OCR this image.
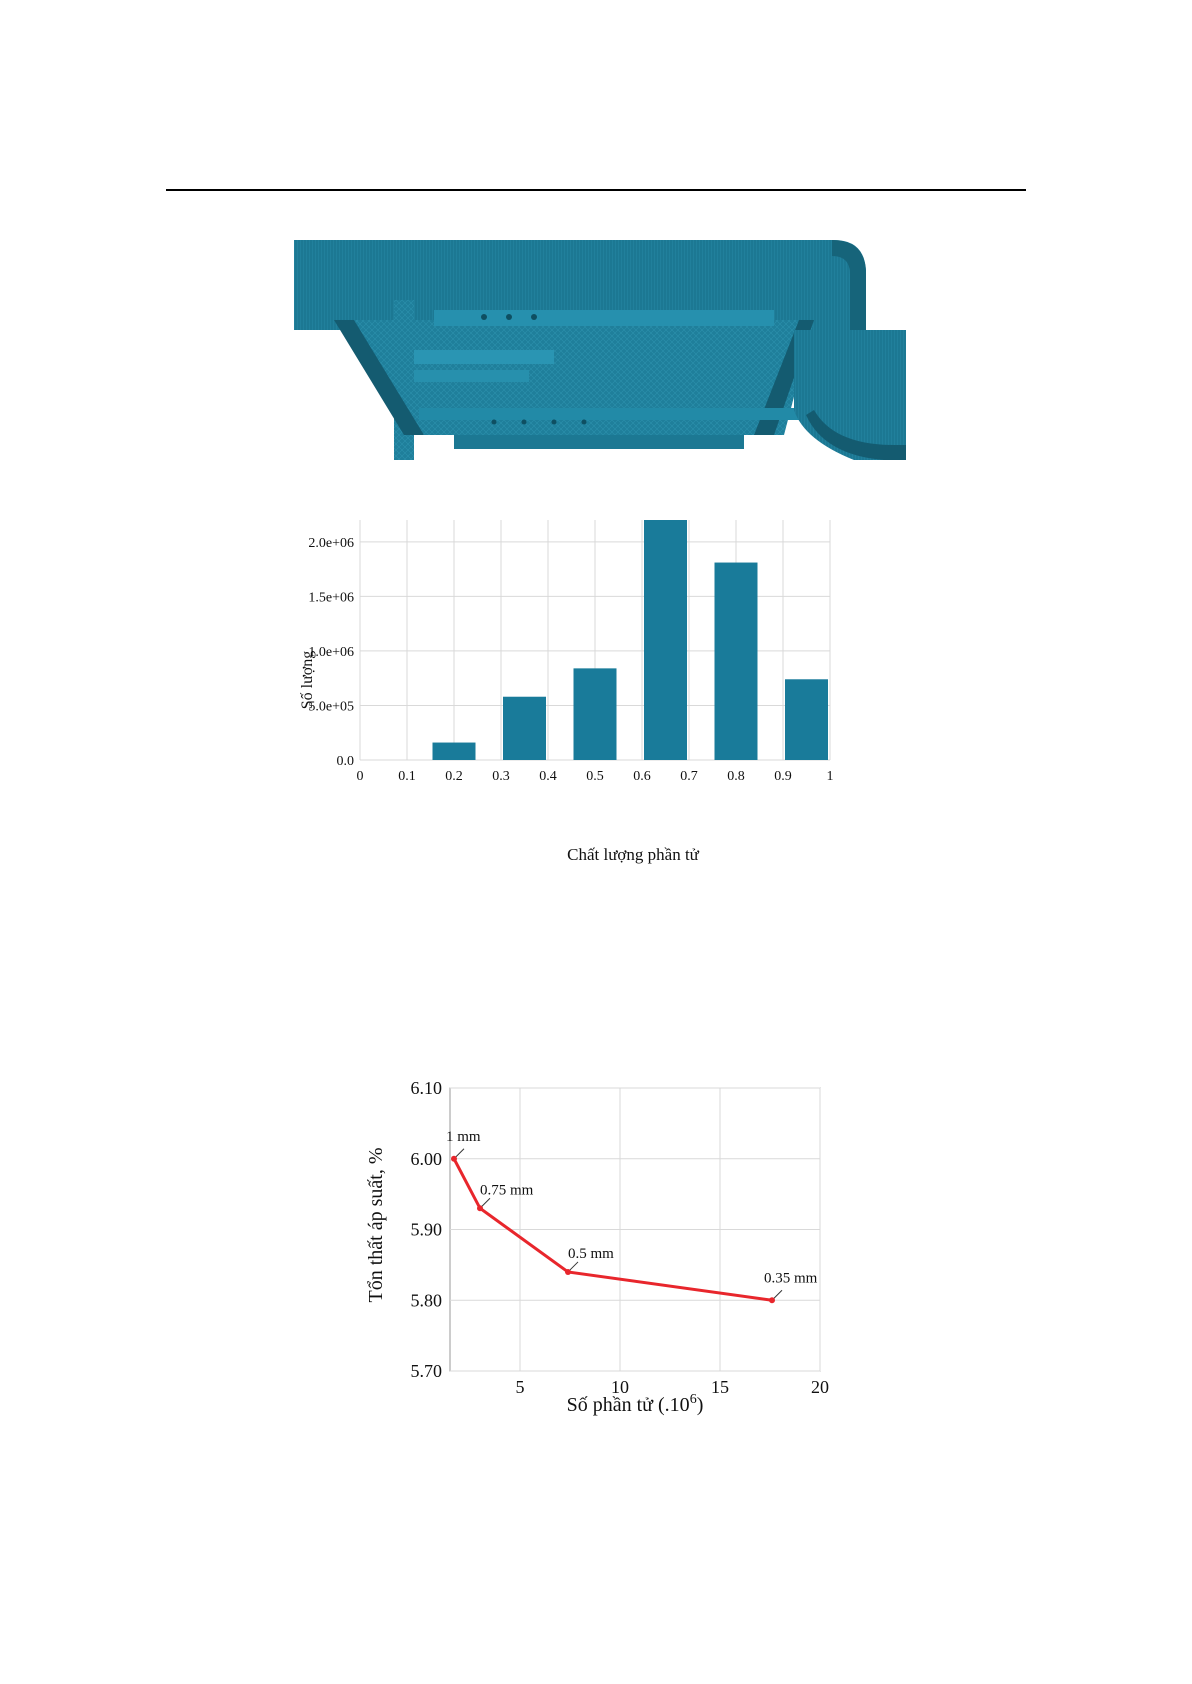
0 0.1 0.2 0.3 0.4 0.5 0.6 0.7 0.8 0.9 1
0.0
5.0e+05
1.0e+06
1.5e+06
2.0e+06
Chất lượng phần tử
Số lượng
1 mm
0.75 mm
0.5 mm
0.35 mm
5	10	15	20
5.70
5.80
5.90
6.00
6.10
Số phần tử $(.10^6)$
Tổn thất áp suất, %
